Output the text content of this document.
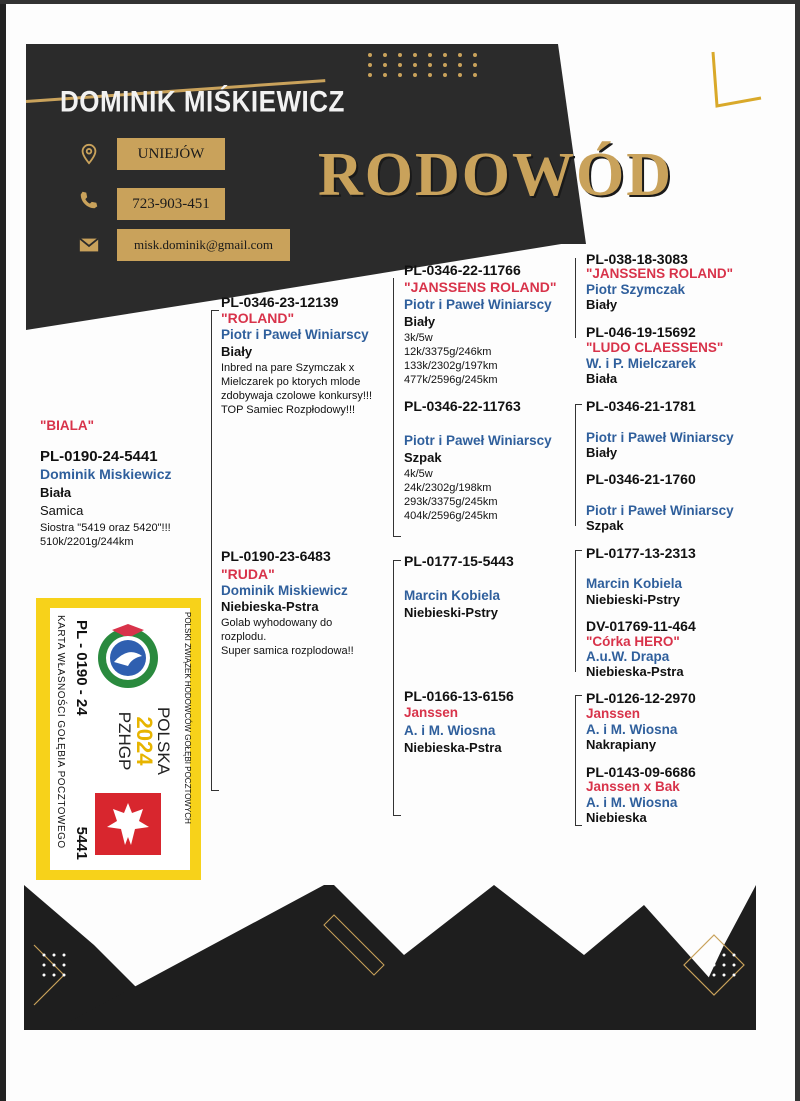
DOMINIK MIŚKIEWICZ
UNIEJÓW
723-903-451
misk.dominik@gmail.com
RODOWÓD
"BIALA"
PL-0190-24-5441
Dominik Miskiewicz
Biała
Samica
Siostra "5419 oraz 5420"!!!
510k/2201g/244km
PL-0346-23-12139
"ROLAND"
Piotr i Paweł Winiarscy
Biały
Inbred na pare Szymczak x
Mielczarek po ktorych mlode
zdobywaja czolowe konkursy!!!
TOP Samiec Rozpłodowy!!!
PL-0190-23-6483
"RUDA"
Dominik Miskiewicz
Niebieska-Pstra
Golab wyhodowany do
rozplodu.
Super samica rozplodowa!!
PL-0346-22-11766
"JANSSENS ROLAND"
Piotr i Paweł Winiarscy
Biały
3k/5w
12k/3375g/246km
133k/2302g/197km
477k/2596g/245km
PL-0346-22-11763
Piotr i Paweł Winiarscy
Szpak
4k/5w
24k/2302g/198km
293k/3375g/245km
404k/2596g/245km
PL-0177-15-5443
Marcin Kobiela
Niebieski-Pstry
PL-0166-13-6156
Janssen
A. i M. Wiosna
Niebieska-Pstra
PL-038-18-3083
"JANSSENS ROLAND"
Piotr Szymczak
Biały
PL-046-19-15692
"LUDO CLAESSENS"
W. i P. Mielczarek
Biała
PL-0346-21-1781
Piotr i Paweł Winiarscy
Biały
PL-0346-21-1760
Piotr i Paweł Winiarscy
Szpak
PL-0177-13-2313
Marcin Kobiela
Niebieski-Pstry
DV-01769-11-464
"Córka HERO"
A.u.W. Drapa
Niebieska-Pstra
PL-0126-12-2970
Janssen
A. i M. Wiosna
Nakrapiany
PL-0143-09-6686
Janssen x Bak
A. i M. Wiosna
Niebieska
POLSKI ZWIĄZEK HODOWCÓW GOŁĘBI POCZTOWYCH
POLSKA
2024
PZHGP
PL - 0190 - 24
5441
KARTA WŁASNOŚCI GOŁĘBIA POCZTOWEGO
